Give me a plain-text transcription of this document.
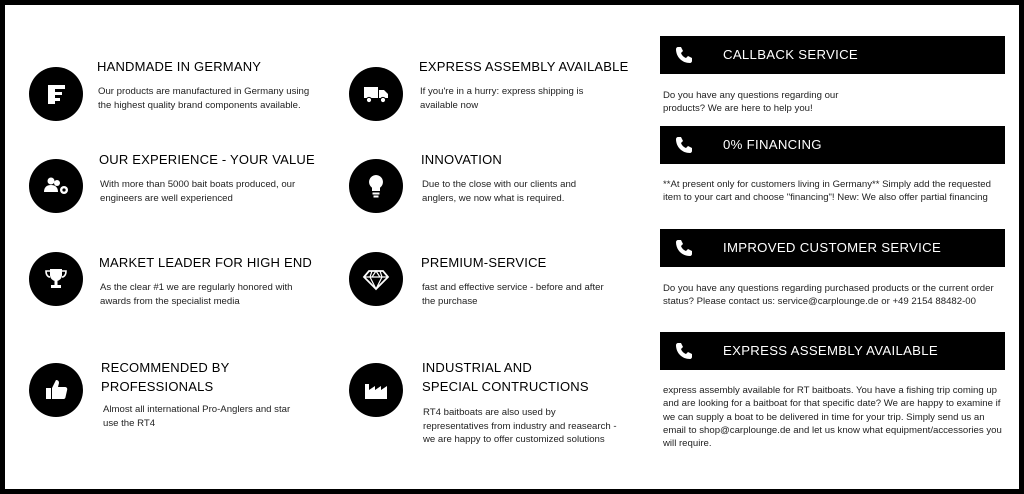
HANDMADE IN GERMANY
Our products are manufactured in Germany using the highest quality brand components available.
EXPRESS ASSEMBLY AVAILABLE
If you're in a hurry: express shipping is available now
OUR EXPERIENCE - YOUR VALUE
With more than 5000 bait boats produced, our engineers are well experienced
INNOVATION
Due to the close with our clients and anglers, we now what is required.
MARKET LEADER FOR HIGH END
As the clear #1 we are regularly honored with awards from the specialist media
PREMIUM-SERVICE
fast and effective service - before and after the purchase
RECOMMENDED BY
PROFESSIONALS
Almost all international Pro-Anglers and star use the RT4
INDUSTRIAL AND
SPECIAL CONTRUCTIONS
RT4 baitboats are also used by representatives from industry and reasearch - we are happy to offer customized solutions
CALLBACK SERVICE
Do you have any questions regarding our products? We are here to help you!
0% FINANCING
**At present only for customers living in Germany** Simply add the requested item to your cart and choose "financing"! New: We also offer partial financing
IMPROVED CUSTOMER SERVICE
Do you have any questions regarding purchased products or the current order status? Please contact us: service@carplounge.de or +49 2154 88482-00
EXPRESS ASSEMBLY AVAILABLE
express assembly available for RT baitboats. You have a fishing trip coming up and are looking for a baitboat for that specific date? We are happy to examine if we can supply a boat to be delivered in time for your trip. Simply send us an email to shop@carplounge.de and let us know what equipment/accessories you will require.
